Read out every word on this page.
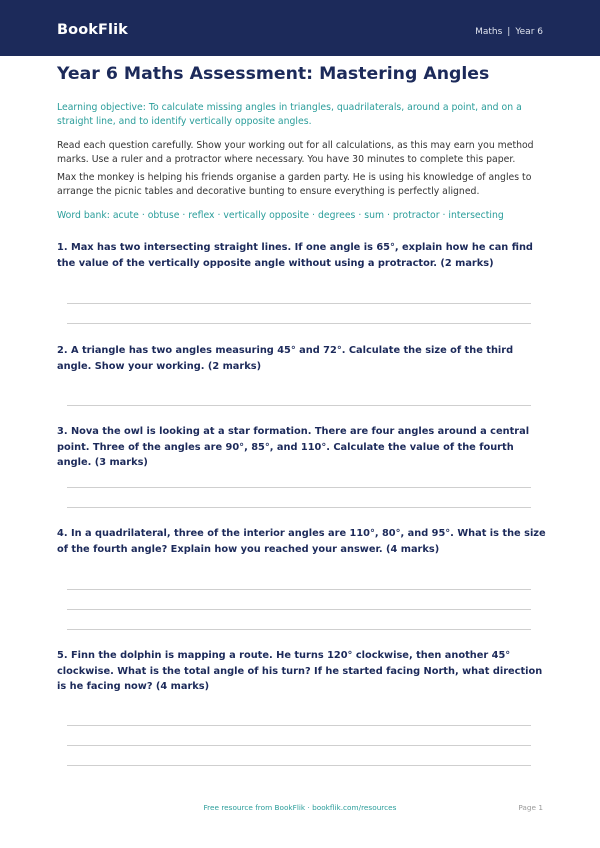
BookFlik	Maths | Year 6
Year 6 Maths Assessment: Mastering Angles

Learning objective: To calculate missing angles in triangles, quadrilaterals, around a point, and on a straight line, and to identify vertically opposite angles.

Read each question carefully. Show your working out for all calculations, as this may earn you method marks. Use a ruler and a protractor where necessary. You have 30 minutes to complete this paper.

Max the monkey is helping his friends organise a garden party. He is using his knowledge of angles to arrange the picnic tables and decorative bunting to ensure everything is perfectly aligned.

Word bank: acute · obtuse · reflex · vertically opposite · degrees · sum · protractor · intersecting

1. Max has two intersecting straight lines. If one angle is 65°, explain how he can find the value of the vertically opposite angle without using a protractor. (2 marks)

2. A triangle has two angles measuring 45° and 72°. Calculate the size of the third angle. Show your working. (2 marks)

3. Nova the owl is looking at a star formation. There are four angles around a central point. Three of the angles are 90°, 85°, and 110°. Calculate the value of the fourth angle. (3 marks)

4. In a quadrilateral, three of the interior angles are 110°, 80°, and 95°. What is the size of the fourth angle? Explain how you reached your answer. (4 marks)

5. Finn the dolphin is mapping a route. He turns 120° clockwise, then another 45° clockwise. What is the total angle of his turn? If he started facing North, what direction is he facing now? (4 marks)

Free resource from BookFlik · bookflik.com/resources	Page 1
